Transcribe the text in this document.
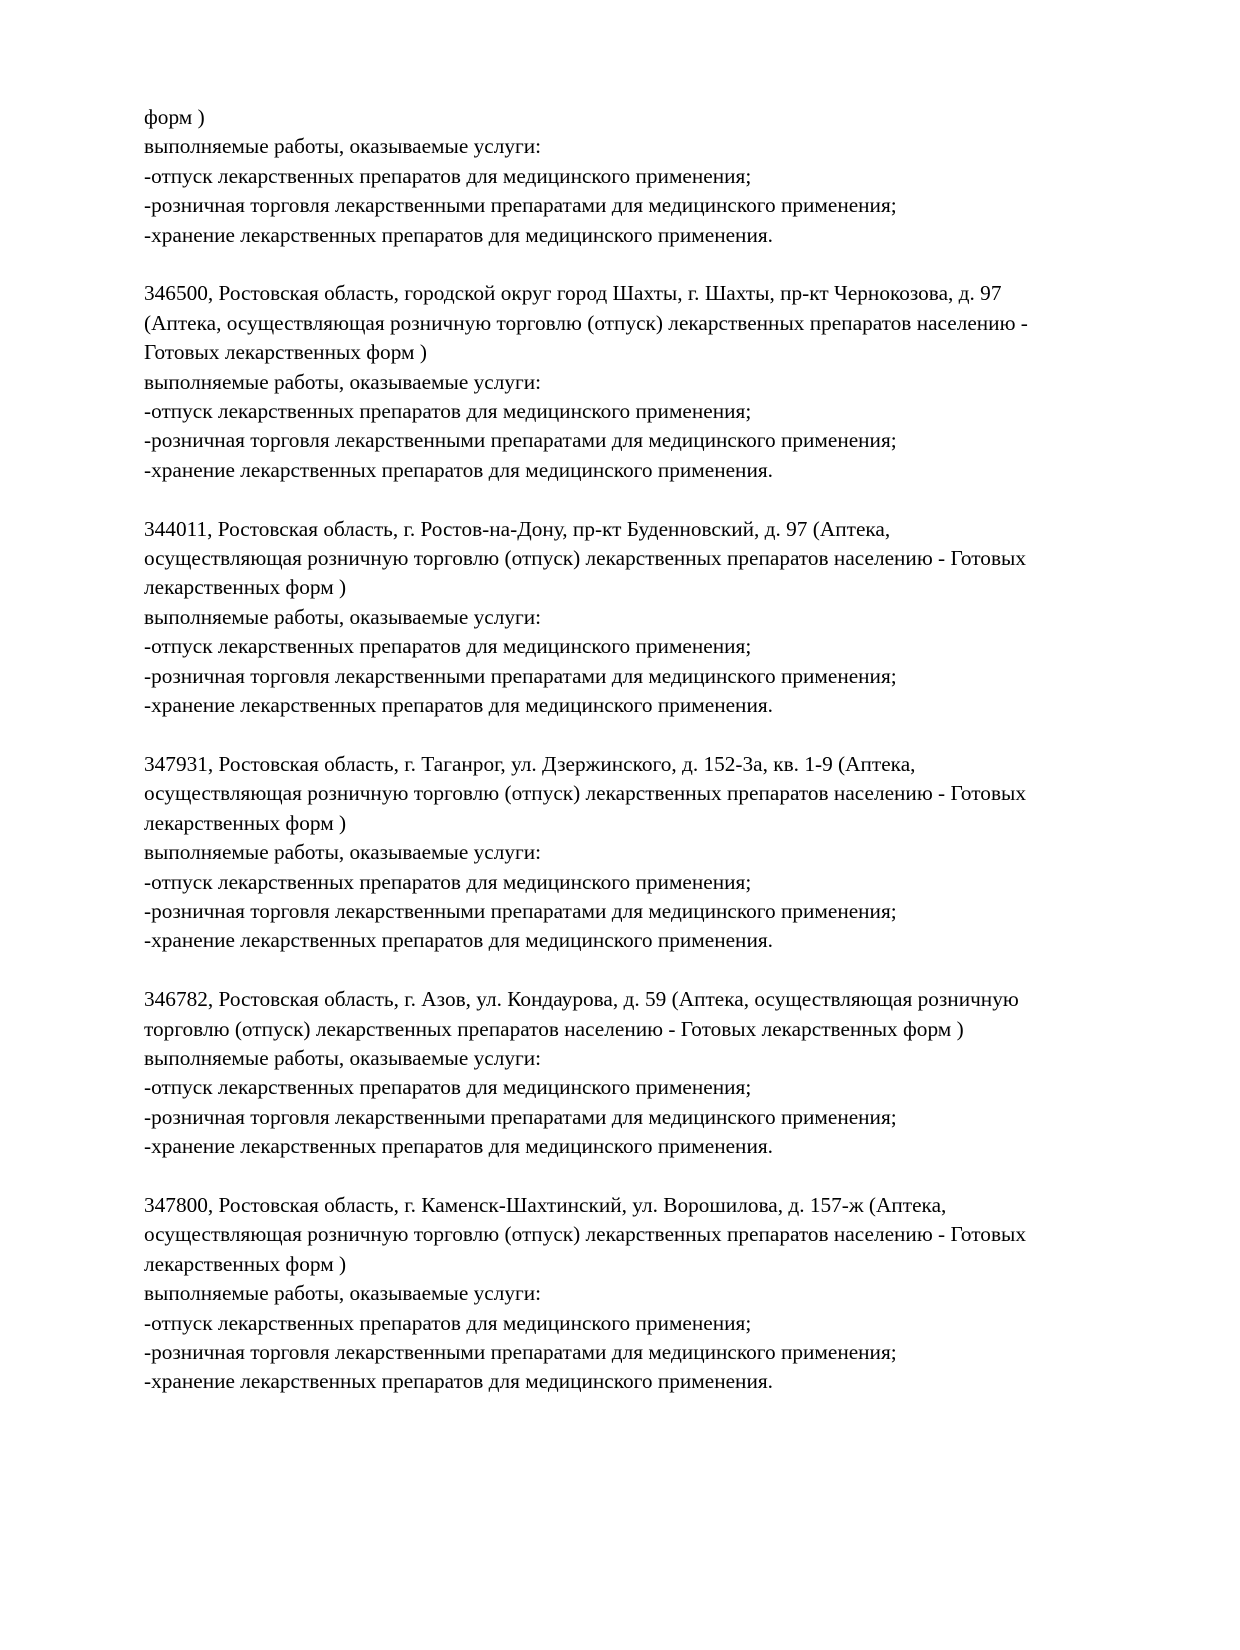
форм )
выполняемые работы, оказываемые услуги:
-отпуск лекарственных препаратов для медицинского применения;
-розничная торговля лекарственными препаратами для медицинского применения;
-хранение лекарственных препаратов для медицинского применения.
346500, Ростовская область, городской округ город Шахты, г. Шахты, пр-кт Чернокозова, д. 97
(Аптека, осуществляющая розничную торговлю (отпуск) лекарственных препаратов населению -
Готовых лекарственных форм )
выполняемые работы, оказываемые услуги:
-отпуск лекарственных препаратов для медицинского применения;
-розничная торговля лекарственными препаратами для медицинского применения;
-хранение лекарственных препаратов для медицинского применения.
344011, Ростовская область, г. Ростов-на-Дону, пр-кт Буденновский, д. 97 (Аптека,
осуществляющая розничную торговлю (отпуск) лекарственных препаратов населению - Готовых
лекарственных форм )
выполняемые работы, оказываемые услуги:
-отпуск лекарственных препаратов для медицинского применения;
-розничная торговля лекарственными препаратами для медицинского применения;
-хранение лекарственных препаратов для медицинского применения.
347931, Ростовская область, г. Таганрог, ул. Дзержинского, д. 152-3а, кв. 1-9 (Аптека,
осуществляющая розничную торговлю (отпуск) лекарственных препаратов населению - Готовых
лекарственных форм )
выполняемые работы, оказываемые услуги:
-отпуск лекарственных препаратов для медицинского применения;
-розничная торговля лекарственными препаратами для медицинского применения;
-хранение лекарственных препаратов для медицинского применения.
346782, Ростовская область, г. Азов, ул. Кондаурова, д. 59 (Аптека, осуществляющая розничную
торговлю (отпуск) лекарственных препаратов населению - Готовых лекарственных форм )
выполняемые работы, оказываемые услуги:
-отпуск лекарственных препаратов для медицинского применения;
-розничная торговля лекарственными препаратами для медицинского применения;
-хранение лекарственных препаратов для медицинского применения.
347800, Ростовская область, г. Каменск-Шахтинский, ул. Ворошилова, д. 157-ж (Аптека,
осуществляющая розничную торговлю (отпуск) лекарственных препаратов населению - Готовых
лекарственных форм )
выполняемые работы, оказываемые услуги:
-отпуск лекарственных препаратов для медицинского применения;
-розничная торговля лекарственными препаратами для медицинского применения;
-хранение лекарственных препаратов для медицинского применения.
